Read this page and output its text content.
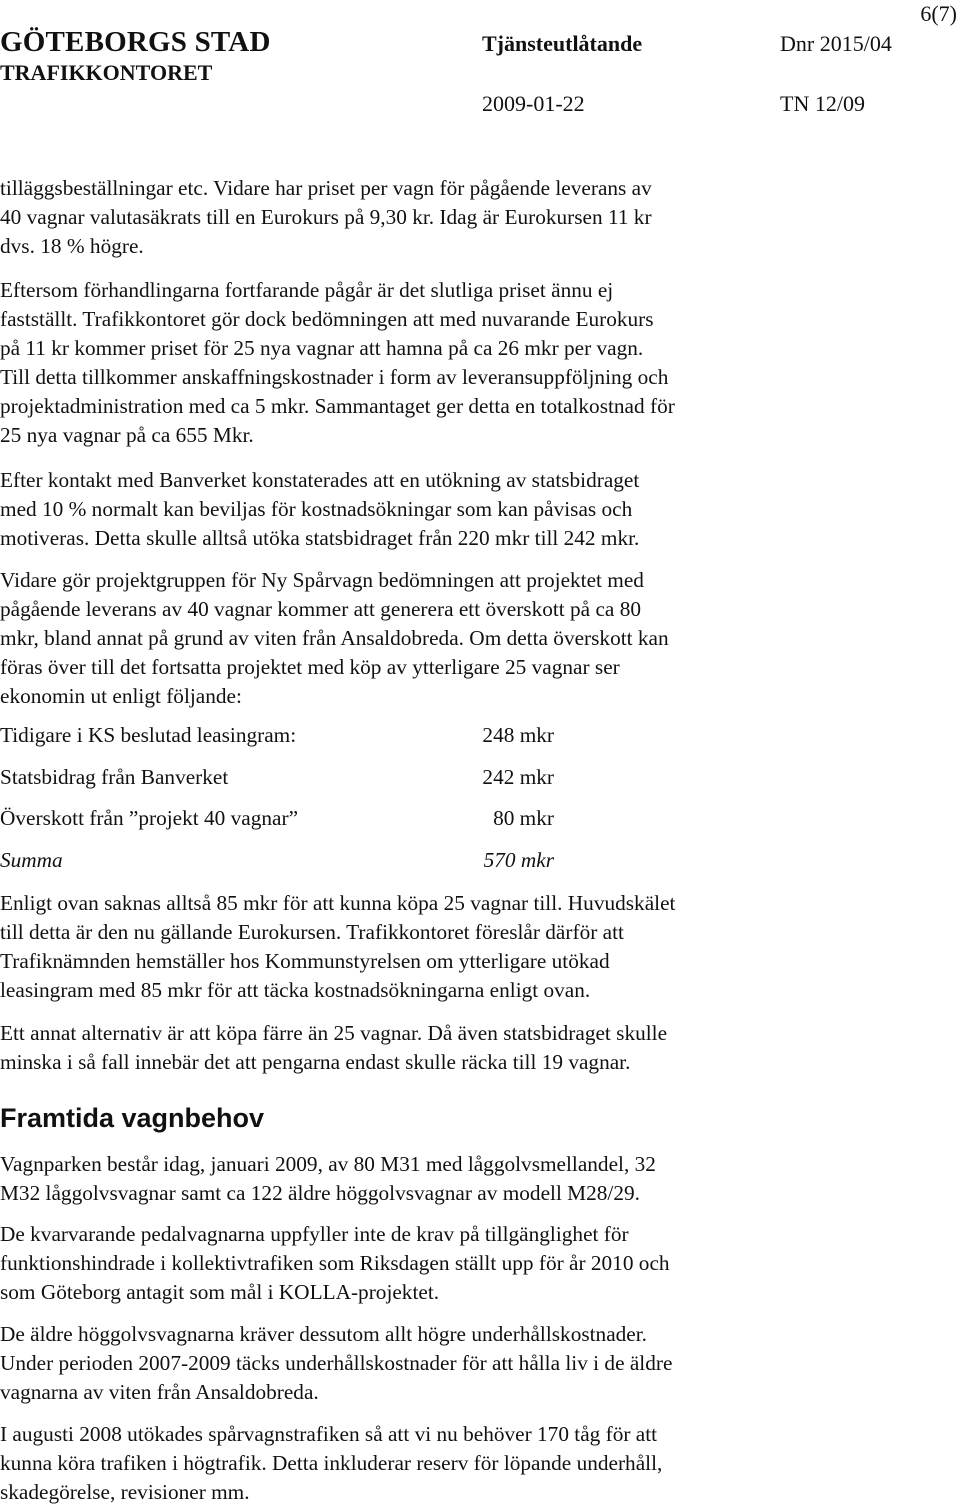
GÖTEBORGS STAD
TRAFIKKONTORET
Tjänsteutlåtande	Dnr 2015/04
2009-01-22	TN 12/09
6(7)

tilläggsbeställningar etc. Vidare har priset per vagn för pågående leverans av
40 vagnar valutasäkrats till en Eurokurs på 9,30 kr. Idag är Eurokursen 11 kr
dvs. 18 % högre.

Eftersom förhandlingarna fortfarande pågår är det slutliga priset ännu ej
fastställt. Trafikkontoret gör dock bedömningen att med nuvarande Eurokurs
på 11 kr kommer priset för 25 nya vagnar att hamna på ca 26 mkr per vagn.
Till detta tillkommer anskaffningskostnader i form av leveransuppföljning och
projektadministration med ca 5 mkr. Sammantaget ger detta en totalkostnad för
25 nya vagnar på ca 655 Mkr.

Efter kontakt med Banverket konstaterades att en utökning av statsbidraget
med 10 % normalt kan beviljas för kostnadsökningar som kan påvisas och
motiveras. Detta skulle alltså utöka statsbidraget från 220 mkr till 242 mkr.

Vidare gör projektgruppen för Ny Spårvagn bedömningen att projektet med
pågående leverans av 40 vagnar kommer att generera ett överskott på ca 80
mkr, bland annat på grund av viten från Ansaldobreda. Om detta överskott kan
föras över till det fortsatta projektet med köp av ytterligare 25 vagnar ser
ekonomin ut enligt följande:

Tidigare i KS beslutad leasingram:	248 mkr
Statsbidrag från Banverket	242 mkr
Överskott från ”projekt 40 vagnar”	80 mkr
Summa	570 mkr

Enligt ovan saknas alltså 85 mkr för att kunna köpa 25 vagnar till. Huvudskälet
till detta är den nu gällande Eurokursen. Trafikkontoret föreslår därför att
Trafiknämnden hemställer hos Kommunstyrelsen om ytterligare utökad
leasingram med 85 mkr för att täcka kostnadsökningarna enligt ovan.

Ett annat alternativ är att köpa färre än 25 vagnar. Då även statsbidraget skulle
minska i så fall innebär det att pengarna endast skulle räcka till 19 vagnar.

Framtida vagnbehov

Vagnparken består idag, januari 2009, av 80 M31 med låggolvsmellandel, 32
M32 låggolvsvagnar samt ca 122 äldre höggolvsvagnar av modell M28/29.

De kvarvarande pedalvagnarna uppfyller inte de krav på tillgänglighet för
funktionshindrade i kollektivtrafiken som Riksdagen ställt upp för år 2010 och
som Göteborg antagit som mål i KOLLA-projektet.

De äldre höggolvsvagnarna kräver dessutom allt högre underhållskostnader.
Under perioden 2007-2009 täcks underhållskostnader för att hålla liv i de äldre
vagnarna av viten från Ansaldobreda.

I augusti 2008 utökades spårvagnstrafiken så att vi nu behöver 170 tåg för att
kunna köra trafiken i högtrafik. Detta inkluderar reserv för löpande underhåll,
skadegörelse, revisioner mm.
